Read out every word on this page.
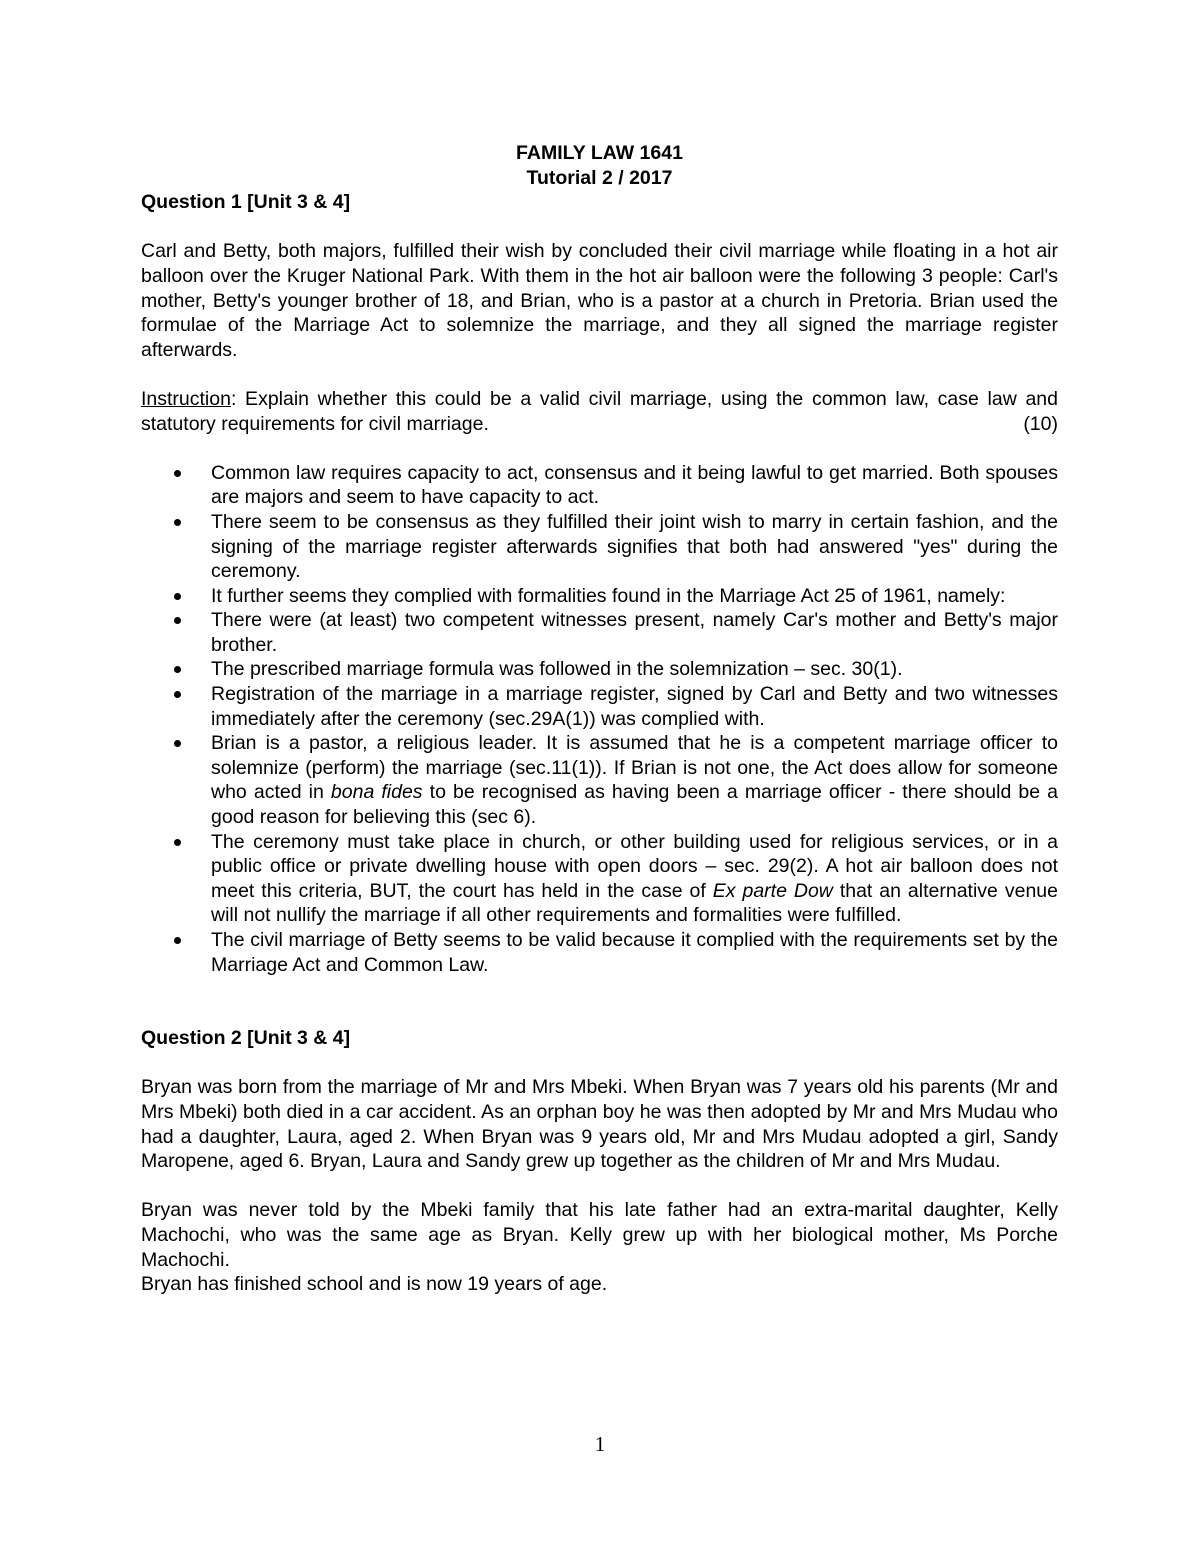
FAMILY LAW 1641

Tutorial 2 / 2017

Question 1 [Unit 3 & 4]

Carl and Betty, both majors, fulfilled their wish by concluded their civil marriage while floating in a hot air balloon over the Kruger National Park. With them in the hot air balloon were the following 3 people: Carl's mother, Betty's younger brother of 18, and Brian, who is a pastor at a church in Pretoria. Brian used the formulae of the Marriage Act to solemnize the marriage, and they all signed the marriage register afterwards.

Instruction: Explain whether this could be a valid civil marriage, using the common law, case law and statutory requirements for civil marriage.	(10)

Common law requires capacity to act, consensus and it being lawful to get married. Both spouses are majors and seem to have capacity to act.
There seem to be consensus as they fulfilled their joint wish to marry in certain fashion, and the signing of the marriage register afterwards signifies that both had answered "yes" during the ceremony.
It further seems they complied with formalities found in the Marriage Act 25 of 1961, namely:
There were (at least) two competent witnesses present, namely Car's mother and Betty's major brother.
The prescribed marriage formula was followed in the solemnization – sec. 30(1).
Registration of the marriage in a marriage register, signed by Carl and Betty and two witnesses immediately after the ceremony (sec.29A(1)) was complied with.
Brian is a pastor, a religious leader. It is assumed that he is a competent marriage officer to solemnize (perform) the marriage (sec.11(1)). If Brian is not one, the Act does allow for someone who acted in bona fides to be recognised as having been a marriage officer - there should be a good reason for believing this (sec 6).
The ceremony must take place in church, or other building used for religious services, or in a public office or private dwelling house with open doors – sec. 29(2). A hot air balloon does not meet this criteria, BUT, the court has held in the case of Ex parte Dow that an alternative venue will not nullify the marriage if all other requirements and formalities were fulfilled.
The civil marriage of Betty seems to be valid because it complied with the requirements set by the Marriage Act and Common Law.

Question 2 [Unit 3 & 4]

Bryan was born from the marriage of Mr and Mrs Mbeki. When Bryan was 7 years old his parents (Mr and Mrs Mbeki) both died in a car accident. As an orphan boy he was then adopted by Mr and Mrs Mudau who had a daughter, Laura, aged 2. When Bryan was 9 years old, Mr and Mrs Mudau adopted a girl, Sandy Maropene, aged 6. Bryan, Laura and Sandy grew up together as the children of Mr and Mrs Mudau.

Bryan was never told by the Mbeki family that his late father had an extra-marital daughter, Kelly Machochi, who was the same age as Bryan. Kelly grew up with her biological mother, Ms Porche Machochi.

Bryan has finished school and is now 19 years of age.

1
